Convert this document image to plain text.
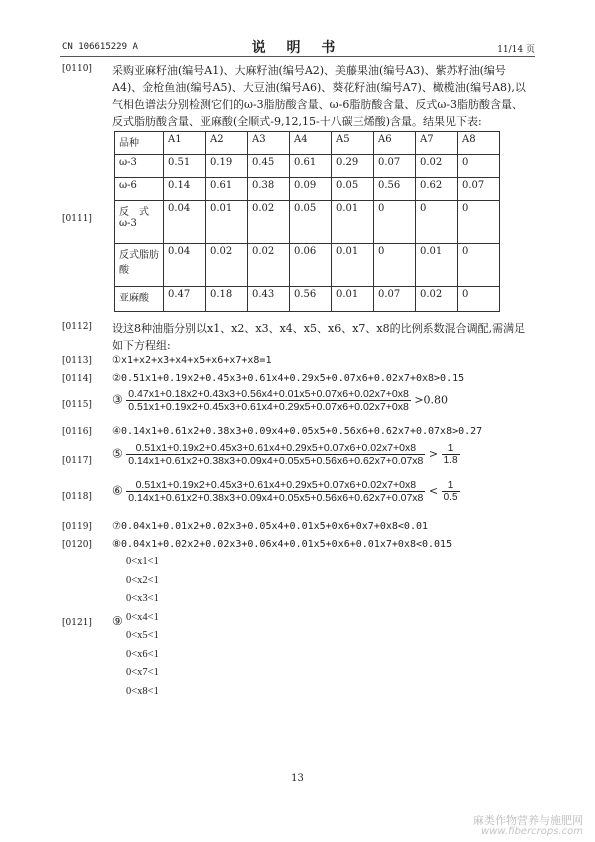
CN 106615229 A	说 明 书	11/14 页
[0110] 采购亚麻籽油(编号A1)、大麻籽油(编号A2)、美藤果油(编号A3)、紫苏籽油(编号A4)、金枪鱼油(编号A5)、大豆油(编号A6)、葵花籽油(编号A7)、橄榄油(编号A8),以气相色谱法分别检测它们的ω-3脂肪酸含量、ω-6脂肪酸含量、反式ω-3脂肪酸含量、反式脂肪酸含量、亚麻酸(全顺式-9,12,15-十八碳三烯酸)含量。结果见下表:
[0111]
品种	A1	A2	A3	A4	A5	A6	A7	A8
ω-3	0.51	0.19	0.45	0.61	0.29	0.07	0.02	0
ω-6	0.14	0.61	0.38	0.09	0.05	0.56	0.62	0.07
反　式ω-3	0.04	0.01	0.02	0.05	0.01	0	0	0
反式脂肪酸	0.04	0.02	0.02	0.06	0.01	0	0.01	0
亚麻酸	0.47	0.18	0.43	0.56	0.01	0.07	0.02	0
[0112] 设这8种油脂分别以x1、x2、x3、x4、x5、x6、x7、x8的比例系数混合调配,需满足如下方程组:
[0113] ①x1+x2+x3+x4+x5+x6+x7+x8=1
[0114] ②0.51x1+0.19x2+0.45x3+0.61x4+0.29x5+0.07x6+0.02x7+0x8>0.15
[0115] ③ $\frac{0.47x1+0.18x2+0.43x3+0.56x4+0.01x5+0.07x6+0.02x7+0x8}{0.51x1+0.19x2+0.45x3+0.61x4+0.29x5+0.07x6+0.02x7+0x8} >0.80$
[0116] ④0.14x1+0.61x2+0.38x3+0.09x4+0.05x5+0.56x6+0.62x7+0.07x8>0.27
[0117]
⑤ $\frac{0.51x1+0.19x2+0.45x3+0.61x4+0.29x5+0.07x6+0.02x7+0x8}{0.14x1+0.61x2+0.38x3+0.09x4+0.05x5+0.56x6+0.62x7+0.07x8} > \frac{1}{1.8}$
[0118] ⑥ $\frac{0.51x1+0.19x2+0.45x3+0.61x4+0.29x5+0.07x6+0.02x7+0x8}{0.14x1+0.61x2+0.38x3+0.09x4+0.05x5+0.56x6+0.62x7+0.07x8} < \frac{1}{0.5}$
[0119] ⑦0.04x1+0.01x2+0.02x3+0.05x4+0.01x5+0x6+0x7+0x8<0.01
[0120] ⑧0.04x1+0.02x2+0.02x3+0.06x4+0.01x5+0x6+0.01x7+0x8<0.015
[0121] ⑨
0<x1<1
0<x2<1
0<x3<1
0<x4<1
0<x5<1
0<x6<1
0<x7<1
0<x8<1
13
麻类作物营养与施肥网
www.fibercrops.com
